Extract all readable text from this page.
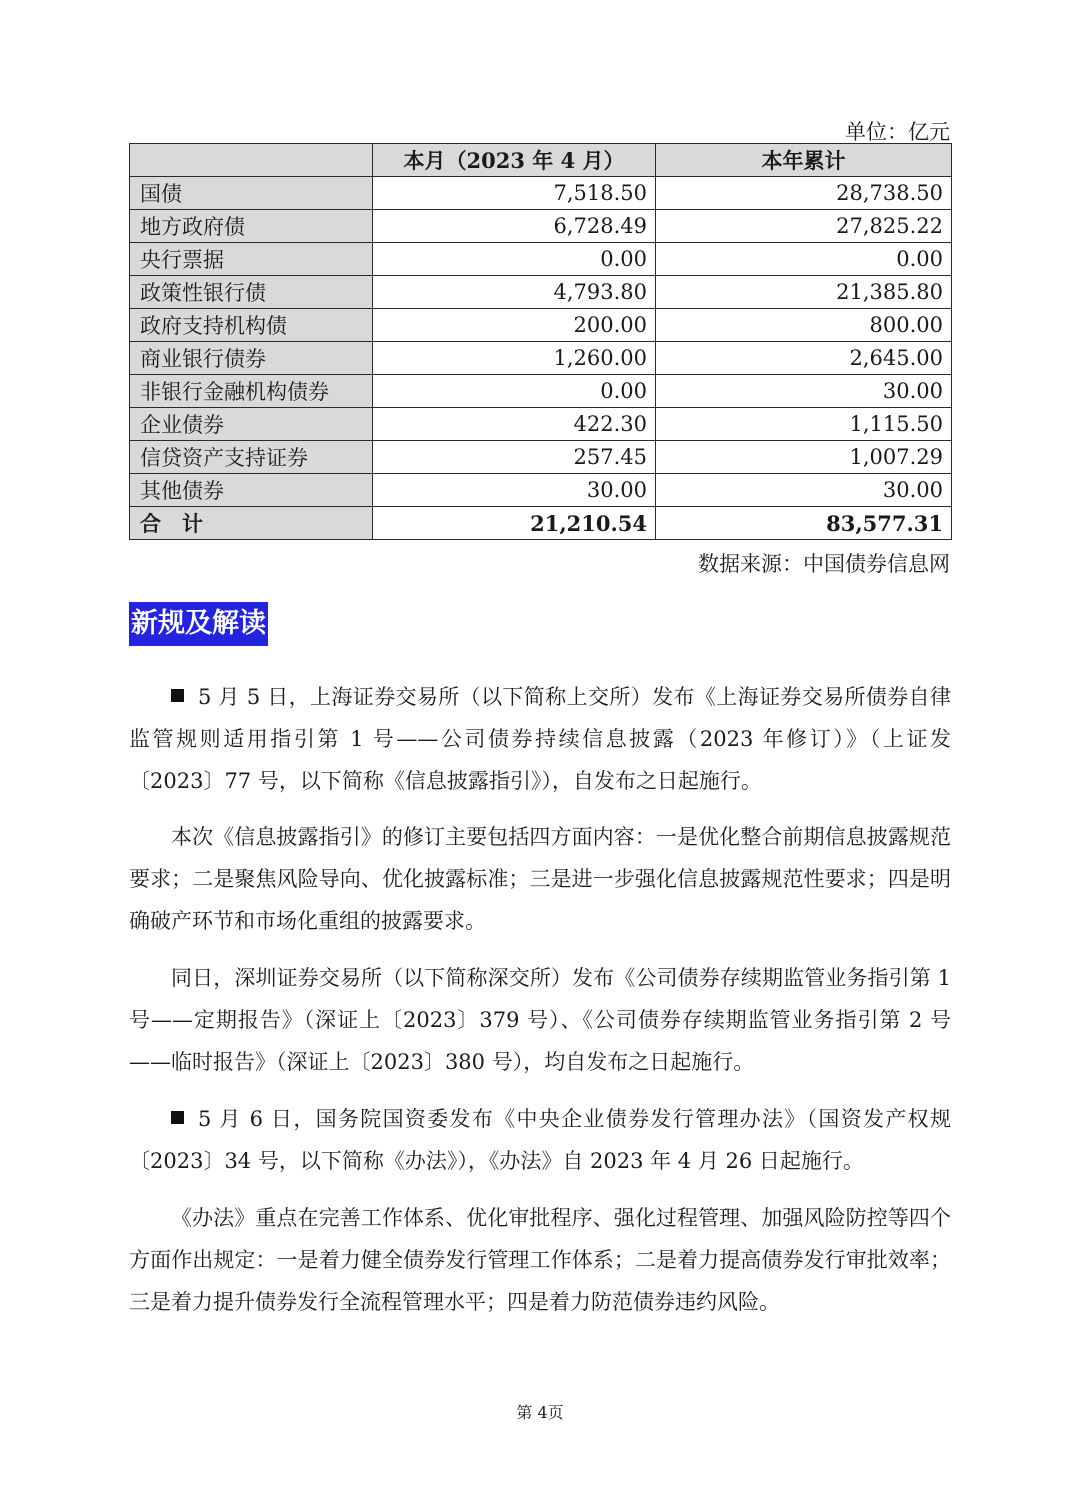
单位：亿元
	本月（2023 年 4 月）	本年累计
国债	7,518.50	28,738.50
地方政府债	6,728.49	27,825.22
央行票据	0.00	0.00
政策性银行债	4,793.80	21,385.80
政府支持机构债	200.00	800.00
商业银行债券	1,260.00	2,645.00
非银行金融机构债券	0.00	30.00
企业债券	422.30	1,115.50
信贷资产支持证券	257.45	1,007.29
其他债券	30.00	30.00
合　计	21,210.54	83,577.31
数据来源：中国债券信息网
新规及解读

5 月 5 日，上海证券交易所（以下简称上交所）发布《上海证券交易所债券自律监管规则适用指引第 1 号——公司债券持续信息披露（2023 年修订）》（上证发〔2023〕77 号，以下简称《信息披露指引》），自发布之日起施行。

本次《信息披露指引》的修订主要包括四方面内容：一是优化整合前期信息披露规范要求；二是聚焦风险导向、优化披露标准；三是进一步强化信息披露规范性要求；四是明确破产环节和市场化重组的披露要求。

同日，深圳证券交易所（以下简称深交所）发布《公司债券存续期监管业务指引第 1 号——定期报告》（深证上〔2023〕379 号）、《公司债券存续期监管业务指引第 2 号——临时报告》（深证上〔2023〕380 号），均自发布之日起施行。

5 月 6 日，国务院国资委发布《中央企业债券发行管理办法》（国资发产权规〔2023〕34 号，以下简称《办法》），《办法》自 2023 年 4 月 26 日起施行。

《办法》重点在完善工作体系、优化审批程序、强化过程管理、加强风险防控等四个方面作出规定：一是着力健全债券发行管理工作体系；二是着力提高债券发行审批效率；三是着力提升债券发行全流程管理水平；四是着力防范债券违约风险。

第 4页
